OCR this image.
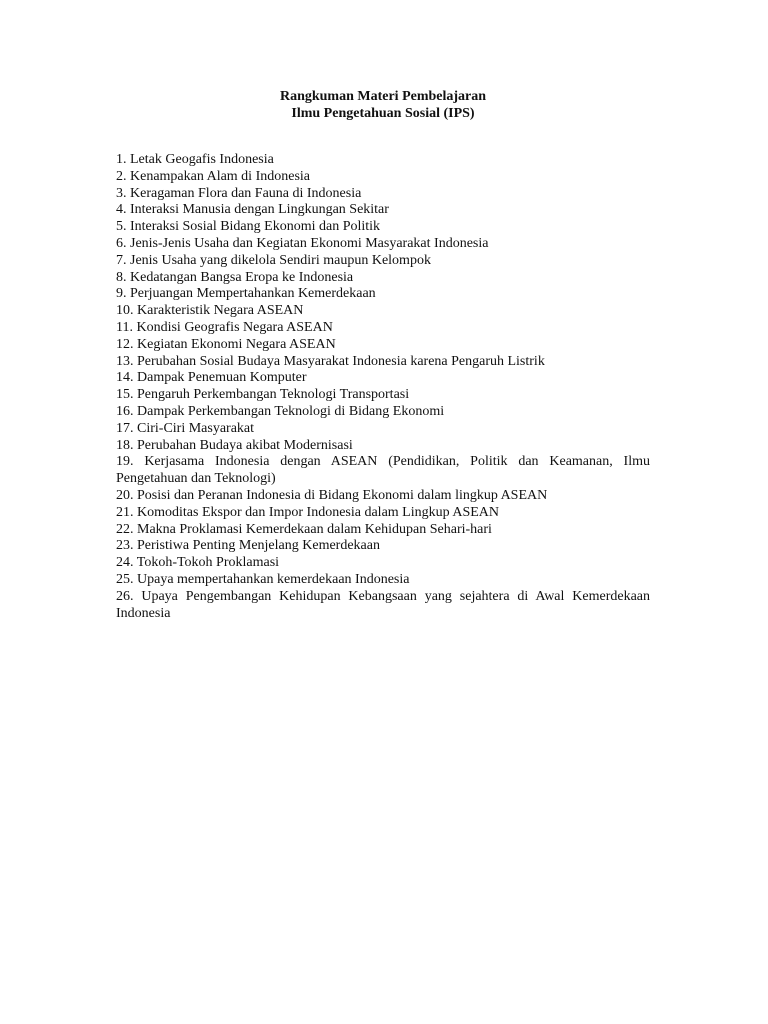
Rangkuman Materi Pembelajaran
Ilmu Pengetahuan Sosial (IPS)
1. Letak Geogafis Indonesia
2. Kenampakan Alam di Indonesia
3. Keragaman Flora dan Fauna di Indonesia
4. Interaksi Manusia dengan Lingkungan Sekitar
5. Interaksi Sosial Bidang Ekonomi dan Politik
6. Jenis-Jenis Usaha dan Kegiatan Ekonomi Masyarakat Indonesia
7. Jenis Usaha yang dikelola Sendiri maupun Kelompok
8. Kedatangan Bangsa Eropa ke Indonesia
9. Perjuangan Mempertahankan Kemerdekaan
10. Karakteristik Negara ASEAN
11. Kondisi Geografis Negara ASEAN
12. Kegiatan Ekonomi Negara ASEAN
13. Perubahan Sosial Budaya Masyarakat Indonesia karena Pengaruh Listrik
14. Dampak Penemuan Komputer
15. Pengaruh Perkembangan Teknologi Transportasi
16. Dampak Perkembangan Teknologi di Bidang Ekonomi
17. Ciri-Ciri Masyarakat
18. Perubahan Budaya akibat Modernisasi
19. Kerjasama Indonesia dengan ASEAN (Pendidikan, Politik dan Keamanan, Ilmu Pengetahuan dan Teknologi)
20. Posisi dan Peranan Indonesia di Bidang Ekonomi dalam lingkup ASEAN
21. Komoditas Ekspor dan Impor Indonesia dalam Lingkup ASEAN
22. Makna Proklamasi Kemerdekaan dalam Kehidupan Sehari-hari
23. Peristiwa Penting Menjelang Kemerdekaan
24. Tokoh-Tokoh Proklamasi
25. Upaya mempertahankan kemerdekaan Indonesia
26. Upaya Pengembangan Kehidupan Kebangsaan yang sejahtera di Awal Kemerdekaan Indonesia
